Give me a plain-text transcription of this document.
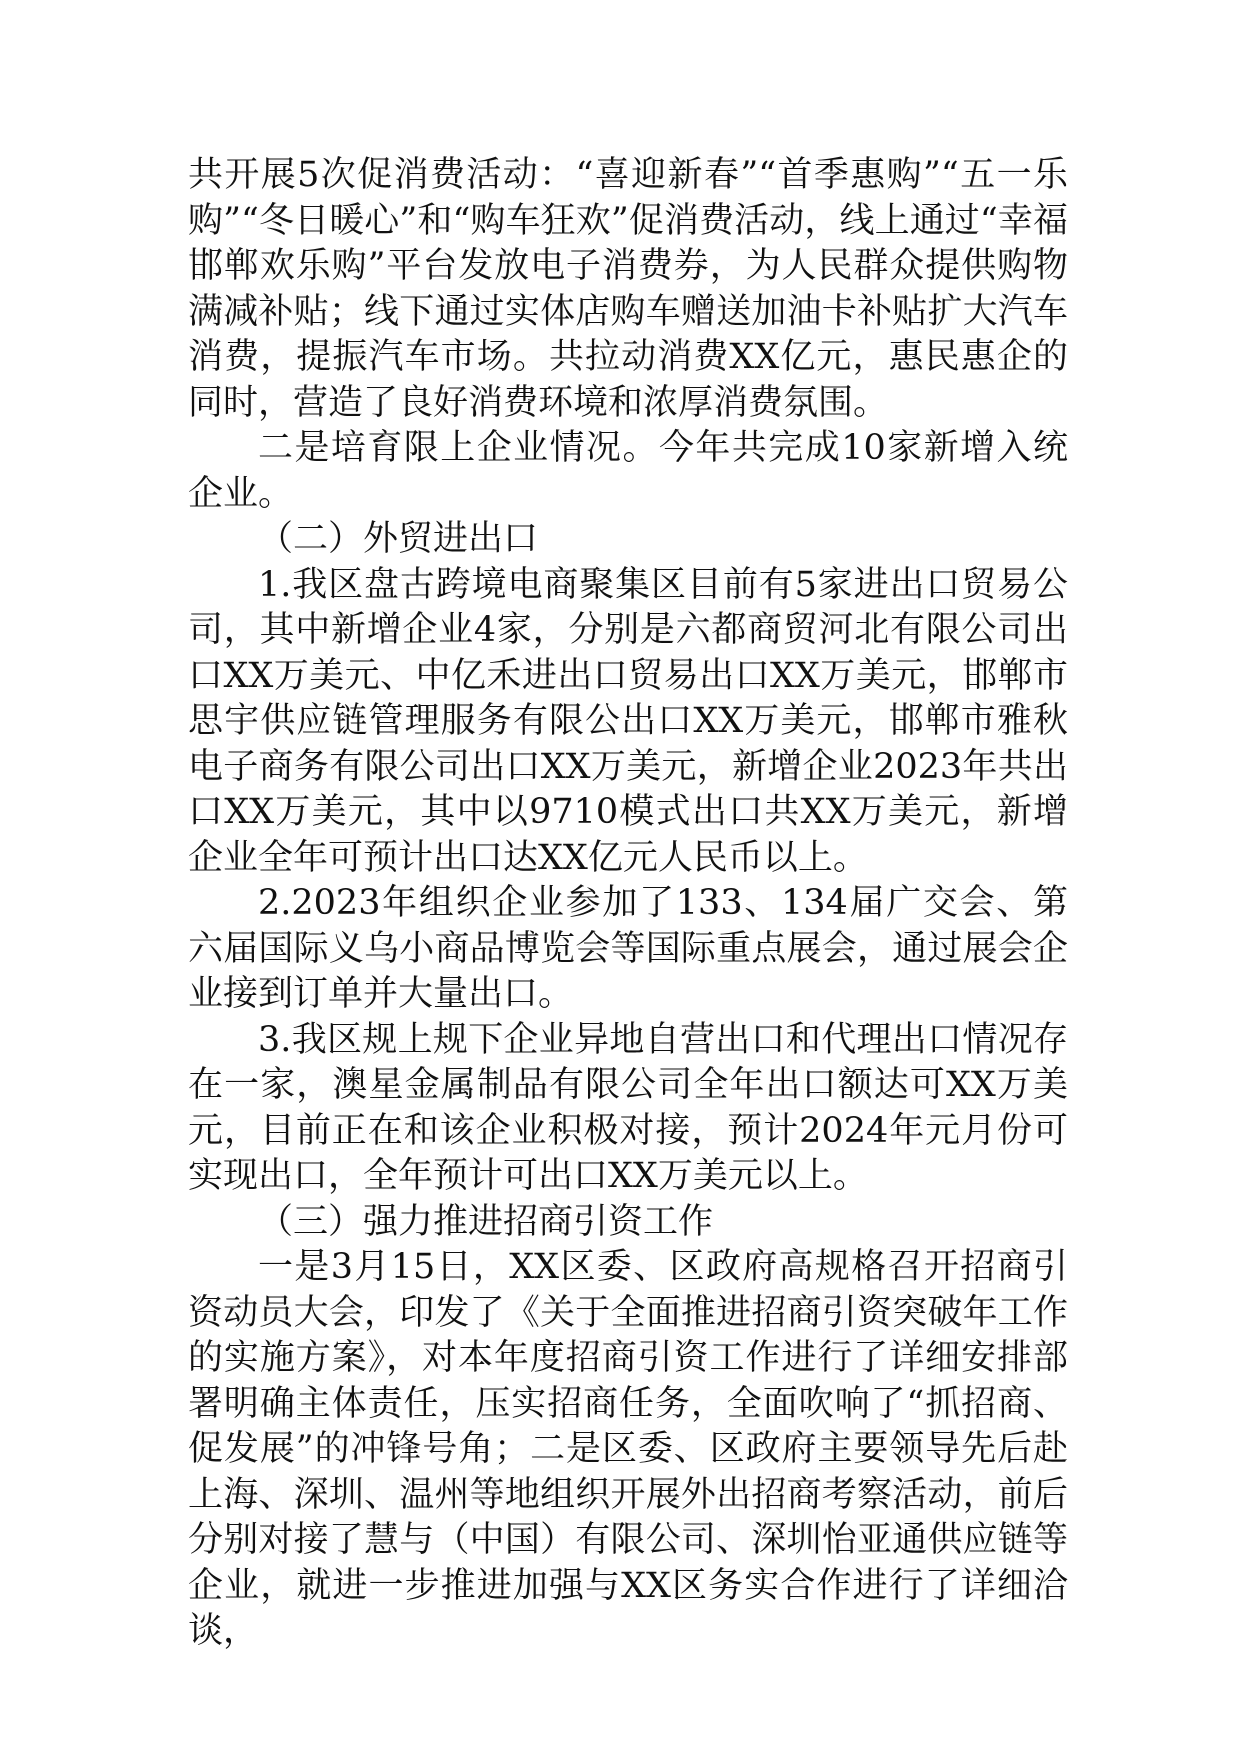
共开展5次促消费活动：“喜迎新春”“首季惠购”“五一乐购”“冬日暖心”和“购车狂欢”促消费活动，线上通过“幸福邯郸欢乐购”平台发放电子消费券，为人民群众提供购物满减补贴；线下通过实体店购车赠送加油卡补贴扩大汽车消费，提振汽车市场。共拉动消费XX亿元，惠民惠企的同时，营造了良好消费环境和浓厚消费氛围。

二是培育限上企业情况。今年共完成10家新增入统企业。

（二）外贸进出口

1.我区盘古跨境电商聚集区目前有5家进出口贸易公司，其中新增企业4家，分别是六都商贸河北有限公司出口XX万美元、中亿禾进出口贸易出口XX万美元，邯郸市思宇供应链管理服务有限公出口XX万美元，邯郸市雅秋电子商务有限公司出口XX万美元，新增企业2023年共出口XX万美元，其中以9710模式出口共XX万美元，新增企业全年可预计出口达XX亿元人民币以上。

2.2023年组织企业参加了133、134届广交会、第六届国际义乌小商品博览会等国际重点展会，通过展会企业接到订单并大量出口。

3.我区规上规下企业异地自营出口和代理出口情况存在一家，澳星金属制品有限公司全年出口额达可XX万美元，目前正在和该企业积极对接，预计2024年元月份可实现出口，全年预计可出口XX万美元以上。

（三）强力推进招商引资工作

一是3月15日，XX区委、区政府高规格召开招商引资动员大会，印发了《关于全面推进招商引资突破年工作的实施方案》，对本年度招商引资工作进行了详细安排部署明确主体责任，压实招商任务，全面吹响了“抓招商、促发展”的冲锋号角；二是区委、区政府主要领导先后赴上海、深圳、温州等地组织开展外出招商考察活动，前后分别对接了慧与（中国）有限公司、深圳怡亚通供应链等企业，就进一步推进加强与XX区务实合作进行了详细洽谈，
